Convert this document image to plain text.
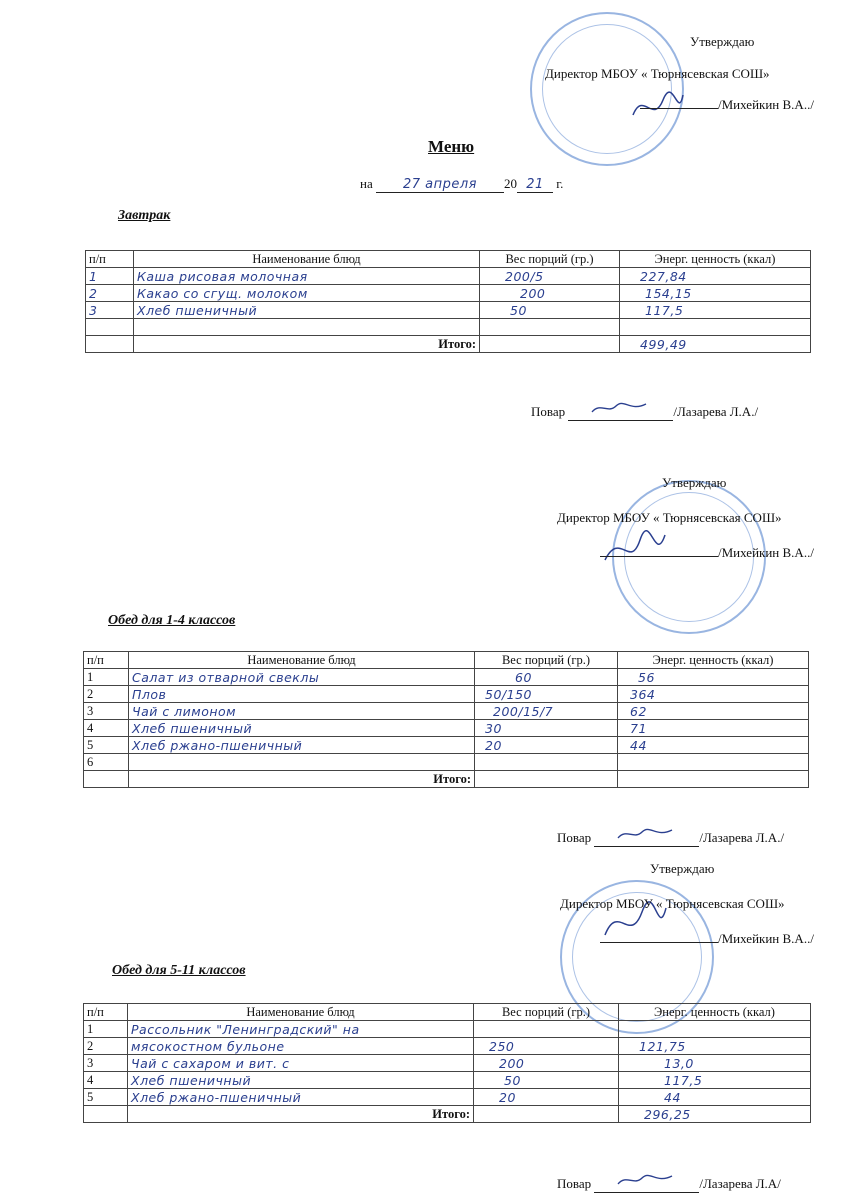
Утверждаю
Директор МБОУ « Тюрнясевская СОШ»
/Михейкин В.А../
Меню
на 27 апреля 20 21 г.
Завтрак
п/п	Наименование блюд	Вес порций (гр.)	Энерг. ценность (ккал)
1	Каша рисовая молочная	200/5	227,84
2	Какао со сгущ. молоком	200	154,15
3	Хлеб пшеничный	50	117,5

	Итого:		499,49
Повар	/Лазарева Л.А./
Утверждаю
Директор МБОУ « Тюрнясевская СОШ»
/Михейкин В.А../
Обед для 1-4 классов
п/п	Наименование блюд	Вес порций (гр.)	Энерг. ценность (ккал)
1	Салат из отварной свеклы	60	56
2	Плов	50/150	364
3	Чай с лимоном	200/15/7	62
4	Хлеб пшеничный	30	71
5	Хлеб ржано-пшеничный	20	44
6			
	Итого:		
Повар	/Лазарева Л.А./
Утверждаю
Директор МБОУ « Тюрнясевская СОШ»
/Михейкин В.А../
Обед для 5-11 классов
п/п	Наименование блюд	Вес порций (гр.)	Энерг. ценность (ккал)
1	Рассольник "Ленинградский" на		
2	мясокостном бульоне	250	121,75
3	Чай с сахаром и вит. с	200	13,0
4	Хлеб пшеничный	50	117,5
5	Хлеб ржано-пшеничный	20	44
	Итого:		296,25
Повар	/Лазарева Л.А/
